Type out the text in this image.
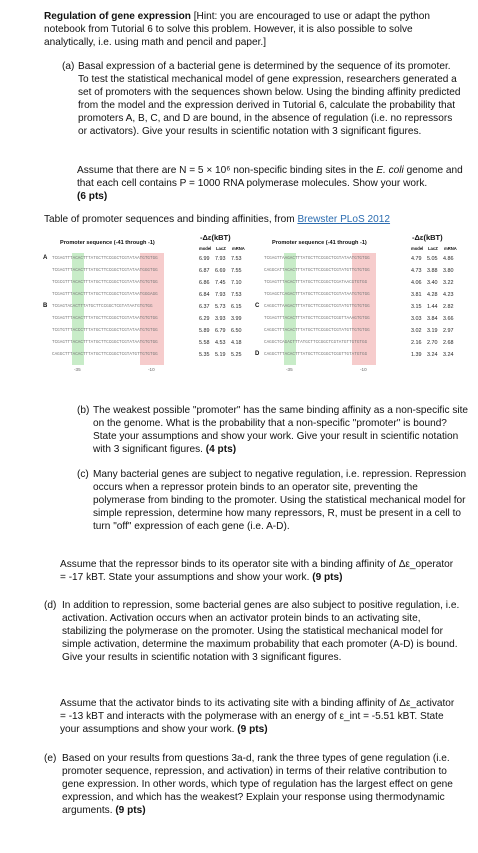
Regulation of gene expression [Hint: you are encouraged to use or adapt the python notebook from Tutorial 6 to solve this problem. However, it is also possible to solve analytically, i.e. using math and pencil and paper.]
(a) Basal expression of a bacterial gene is determined by the sequence of its promoter. To test the statistical mechanical model of gene expression, researchers generated a set of promoters with the sequences shown below. Using the binding affinity predicted from the model and the expression derived in Tutorial 6, calculate the probability that promoters A, B, C, and D are bound, in the absence of regulation (i.e. no repressors or activators). Give your results in scientific notation with 3 significant figures.
Assume that there are N = 5 × 10⁶ non-specific binding sites in the E. coli genome and that each cell contains P = 1000 RNA polymerase molecules. Show your work.
(6 pts)
Table of promoter sequences and binding affinities, from Brewster PLoS 2012
Promoter sequence (-41 through -1)
-Δε(kBT)
model LacZ mRNA
A TCGAGTTTACACTTTATGCTTCCGGCTCGTATAATGTGTGG	6.99 7.93 7.53
TCGAGTTTACACTTTATGCTTCCGGCTCGTATAATGGGTGG	6.87 6.69 7.55
TCGCGTTTACACTTTATGCTTCCGGCTCGTATAATGTGTGG	6.86 7.45 7.10
TCGAGTTTACACTTTATGCTTCCGGCTCGTATAATGGGAGG	6.84 7.93 7.53
B TCGAGTACACTTTATGCTTCCGGCTCGTATAATGTGTGG	6.37 5.73 6.15
TCGAGTTTACACTTTATGCTTCCGGCTCGTATAATGTGTGG	6.29 3.93 3.99
TCGTGTTTACCCTTTATGCTTCCGGCTCGTATAATGTGTGG	5.89 6.79 6.50
TCGAGTTTACACTTTATGCTTCCGGCTCGTATAATGTGTGG	5.58 4.53 4.18
CAGGCTTTACACTTTATGCTTCCGGCTCGTATGTTGTGTGG	5.35 5.19 5.25
-35	-10
Promoter sequence (-41 through -1)
-Δε(kBT)
model LacZ mRNA
TCGAGTTAAGACTTTATGCTTCCGGCTCGTATAATGTGTGG	4.79 5.05 4.86
CAGGCATTACACTTTATGCTTCCGGCTCGTATGTTGTGTGG	4.73 3.88 3.80
TCGAGTTTACACTTTATGCTTCCGGCTCGATAACGTGTGG	4.06 3.40 3.22
TCGAGCTCAGACTTTATGCTTCCGGCTCGTATAATGTGTGG	3.81 4.28 4.23
C CAGGCTTAAGACTTTATGCTTCCGGCTCGTATGTTGTGTGG	3.15 1.44 2.82
TCGAGTTTACACTTTATGCTTCCGGCTCGGTTAAAGTGTGG	3.03 3.84 3.66
CAGGCTTTACACTTTATGCTTCCGGCTCGTATGTTGTGTGG	3.02 3.19 2.97
CAGGCTCAGACTTTATGCTTCCGGCTCGTATGTTGTGTGG	2.16 2.70 2.68
D CAGGCTTTACACTTTATGCTTCCGGCTCGGTTGTATGTGG	1.39 3.24 3.24
-35	-10
(b) The weakest possible "promoter" has the same binding affinity as a non-specific site on the genome. What is the probability that a non-specific "promoter" is bound? State your assumptions and show your work. Give your result in scientific notation with 3 significant figures. (4 pts)
(c) Many bacterial genes are subject to negative regulation, i.e. repression. Repression occurs when a repressor protein binds to an operator site, preventing the polymerase from binding to the promoter. Using the statistical mechanical model for simple repression, determine how many repressors, R, must be present in a cell to turn "off" expression of each gene (i.e. A-D).
Assume that the repressor binds to its operator site with a binding affinity of Δε_operator = -17 kBT. State your assumptions and show your work. (9 pts)
(d) In addition to repression, some bacterial genes are also subject to positive regulation, i.e. activation. Activation occurs when an activator protein binds to an activating site, stabilizing the polymerase on the promoter. Using the statistical mechanical model for simple activation, determine the maximum probability that each promoter (A-D) is bound. Give your results in scientific notation with 3 significant figures.
Assume that the activator binds to its activating site with a binding affinity of Δε_activator = -13 kBT and interacts with the polymerase with an energy of ε_int = -5.51 kBT. State your assumptions and show your work. (9 pts)
(e) Based on your results from questions 3a-d, rank the three types of gene regulation (i.e. promoter sequence, repression, and activation) in terms of their relative contribution to gene expression. In other words, which type of regulation has the largest effect on gene expression, and which has the weakest? Explain your response using thermodynamic arguments. (9 pts)
